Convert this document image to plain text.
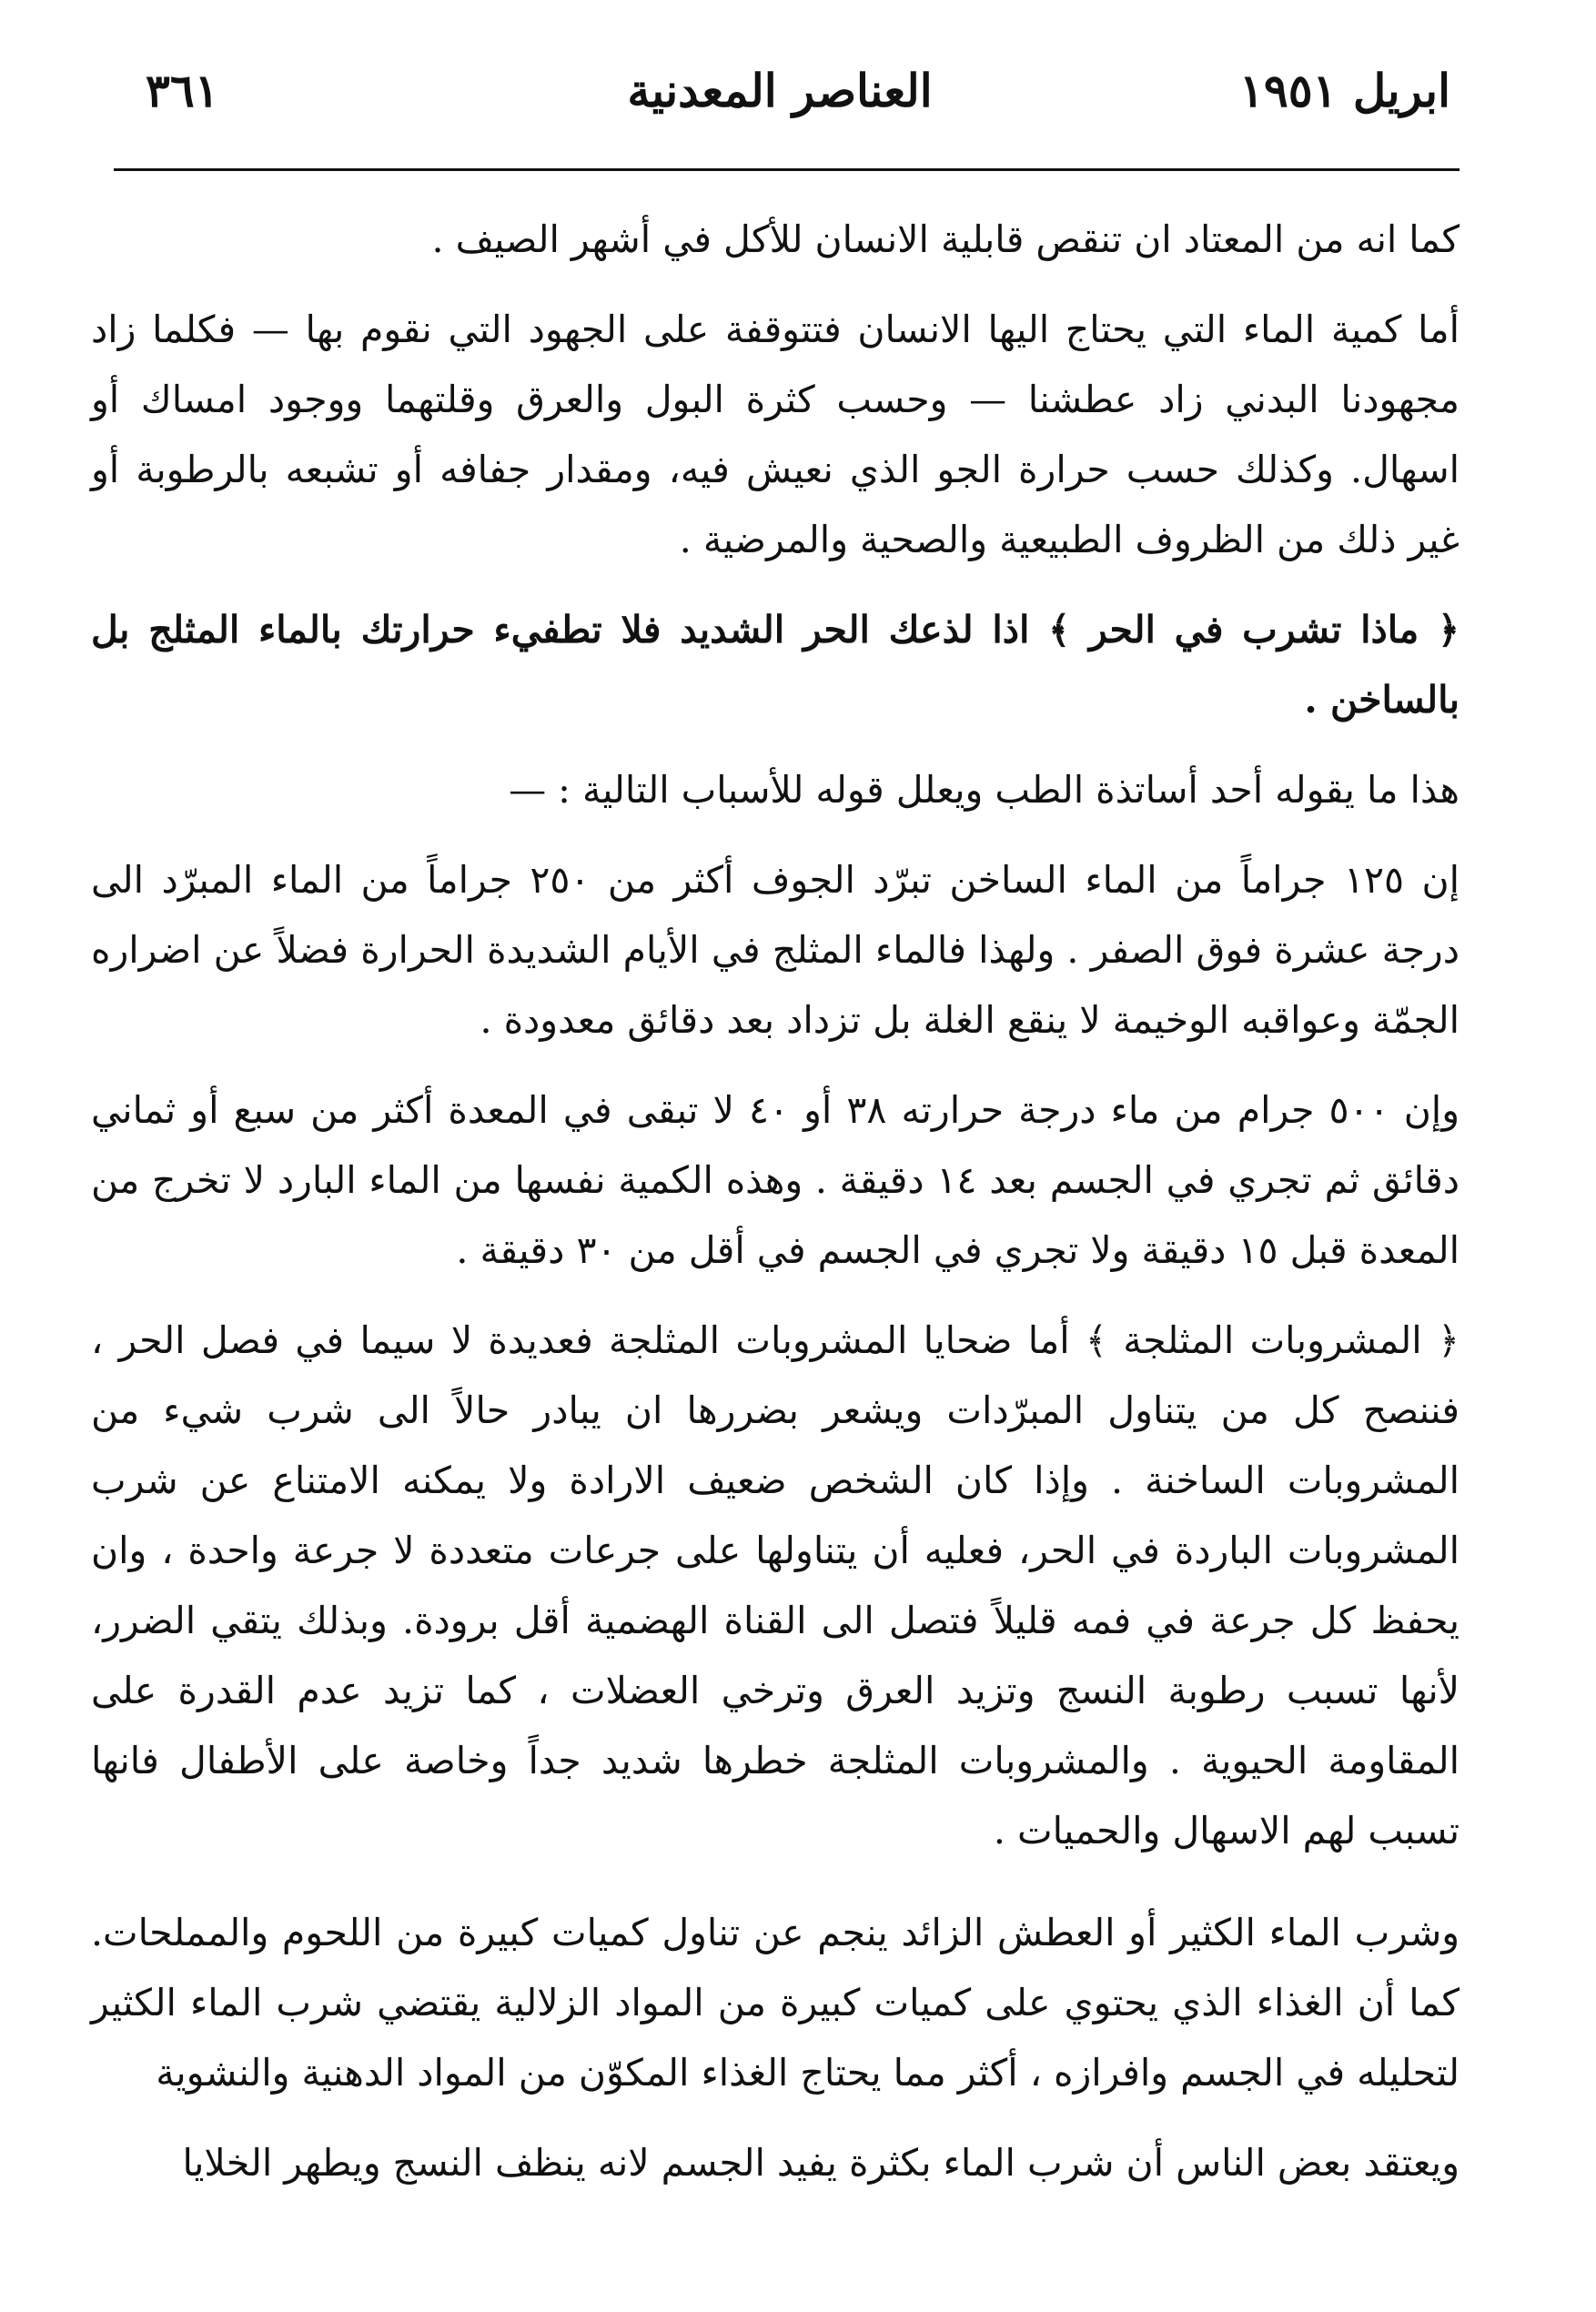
ابريل ١٩٥١
العناصر المعدنية
٣٦١

كما انه من المعتاد ان تنقص قابلية الانسان للأكل في أشهر الصيف .

أما كمية الماء التي يحتاج اليها الانسان فتتوقفة على الجهود التي نقوم بها — فكلما زاد مجهودنا البدني زاد عطشنا — وحسب كثرة البول والعرق وقلتهما ووجود امساك أو اسهال. وكذلك حسب حرارة الجو الذي نعيش فيه، ومقدار جفافه أو تشبعه بالرطوبة أو غير ذلك من الظروف الطبيعية والصحية والمرضية .

﴿ ماذا تشرب في الحر ﴾ اذا لذعك الحر الشديد فلا تطفيء حرارتك بالماء المثلج بل بالساخن .

هذا ما يقوله أحد أساتذة الطب ويعلل قوله للأسباب التالية : —

إن ١٢٥ جراماً من الماء الساخن تبرّد الجوف أكثر من ٢٥٠ جراماً من الماء المبرّد الى درجة عشرة فوق الصفر . ولهذا فالماء المثلج في الأيام الشديدة الحرارة فضلاً عن اضراره الجمّة وعواقبه الوخيمة لا ينقع الغلة بل تزداد بعد دقائق معدودة .

وإن ٥٠٠ جرام من ماء درجة حرارته ٣٨ أو ٤٠ لا تبقى في المعدة أكثر من سبع أو ثماني دقائق ثم تجري في الجسم بعد ١٤ دقيقة . وهذه الكمية نفسها من الماء البارد لا تخرج من المعدة قبل ١٥ دقيقة ولا تجري في الجسم في أقل من ٣٠ دقيقة .

﴿ المشروبات المثلجة ﴾ أما ضحايا المشروبات المثلجة فعديدة لا سيما في فصل الحر ، فننصح كل من يتناول المبرّدات ويشعر بضررها ان يبادر حالاً الى شرب شيء من المشروبات الساخنة . وإذا كان الشخص ضعيف الارادة ولا يمكنه الامتناع عن شرب المشروبات الباردة في الحر، فعليه أن يتناولها على جرعات متعددة لا جرعة واحدة ، وان يحفظ كل جرعة في فمه قليلاً فتصل الى القناة الهضمية أقل برودة. وبذلك يتقي الضرر، لأنها تسبب رطوبة النسج وتزيد العرق وترخي العضلات ، كما تزيد عدم القدرة على المقاومة الحيوية . والمشروبات المثلجة خطرها شديد جداً وخاصة على الأطفال فانها تسبب لهم الاسهال والحميات .

وشرب الماء الكثير أو العطش الزائد ينجم عن تناول كميات كبيرة من اللحوم والمملحات. كما أن الغذاء الذي يحتوي على كميات كبيرة من المواد الزلالية يقتضي شرب الماء الكثير لتحليله في الجسم وافرازه ، أكثر مما يحتاج الغذاء المكوّن من المواد الدهنية والنشوية

ويعتقد بعض الناس أن شرب الماء بكثرة يفيد الجسم لانه ينظف النسج ويطهر الخلايا
